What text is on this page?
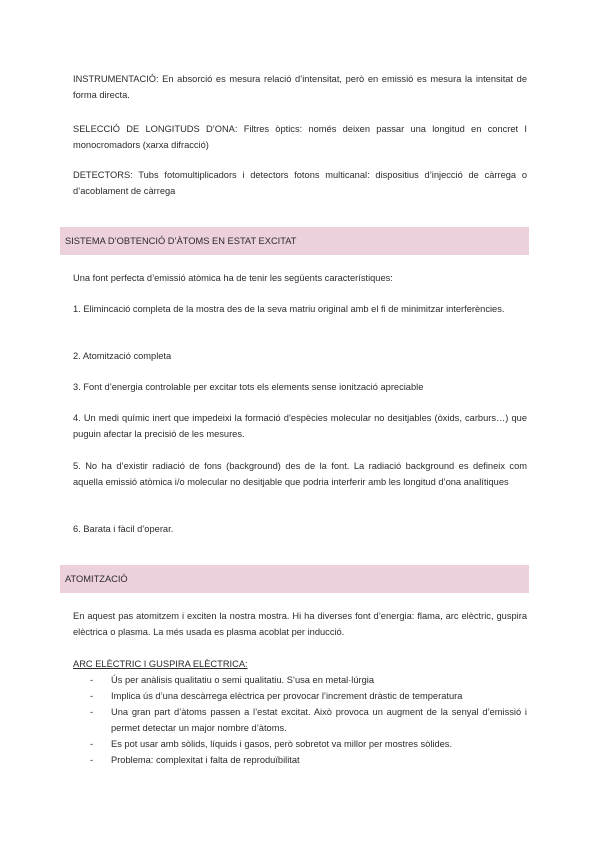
INSTRUMENTACIÓ: En absorció es mesura relació d’intensitat, però en emissió es mesura la intensitat de forma directa.

SELECCIÓ DE LONGITUDS D’ONA: Filtres òptics: només deixen passar una longitud en concret I monocromadors (xarxa difracció)

DETECTORS: Tubs fotomultiplicadors i detectors fotons multicanal: dispositius d’injecció de càrrega o d’acoblament de càrrega

SISTEMA D’OBTENCIÓ D’ÀTOMS EN ESTAT EXCITAT

Una font perfecta d’emissió atòmica ha de tenir les següents característiques:

1. Elimincació completa de la mostra des de la seva matriu original amb el fi de minimitzar interferències.

2. Atomització completa

3. Font d’energia controlable per excitar tots els elements sense ionització apreciable

4. Un medi químic inert que impedeixi la formació d’espècies molecular no desitjables (òxids, carburs…) que puguin afectar la precisió de les mesures.

5. No ha d’existir radiació de fons (background) des de la font. La radiació background es defineix com aquella emissió atòmica i/o molecular no desitjable que podria interferir amb les longitud d’ona analítiques

6. Barata i fàcil d’operar.

ATOMITZACIÓ

En aquest pas atomitzem i exciten la nostra mostra. Hi ha diverses font d’energia: flama, arc elèctric, guspira elèctrica o plasma. La més usada es plasma acoblat per inducció.

ARC ELÈCTRIC I GUSPIRA ELÈCTRICA:

- Ús per anàlisis qualitatiu o semi qualitatiu. S’usa en metal·lúrgia
- Implica ús d’una descàrrega elèctrica per provocar l’increment dràstic de temperatura
- Una gran part d’àtoms passen a l’estat excitat. Això provoca un augment de la senyal d’emissió i permet detectar un major nombre d’àtoms.
- Es pot usar amb sòlids, líquids i gasos, però sobretot va millor per mostres sòlides.
- Problema: complexitat i falta de reproduïbilitat
